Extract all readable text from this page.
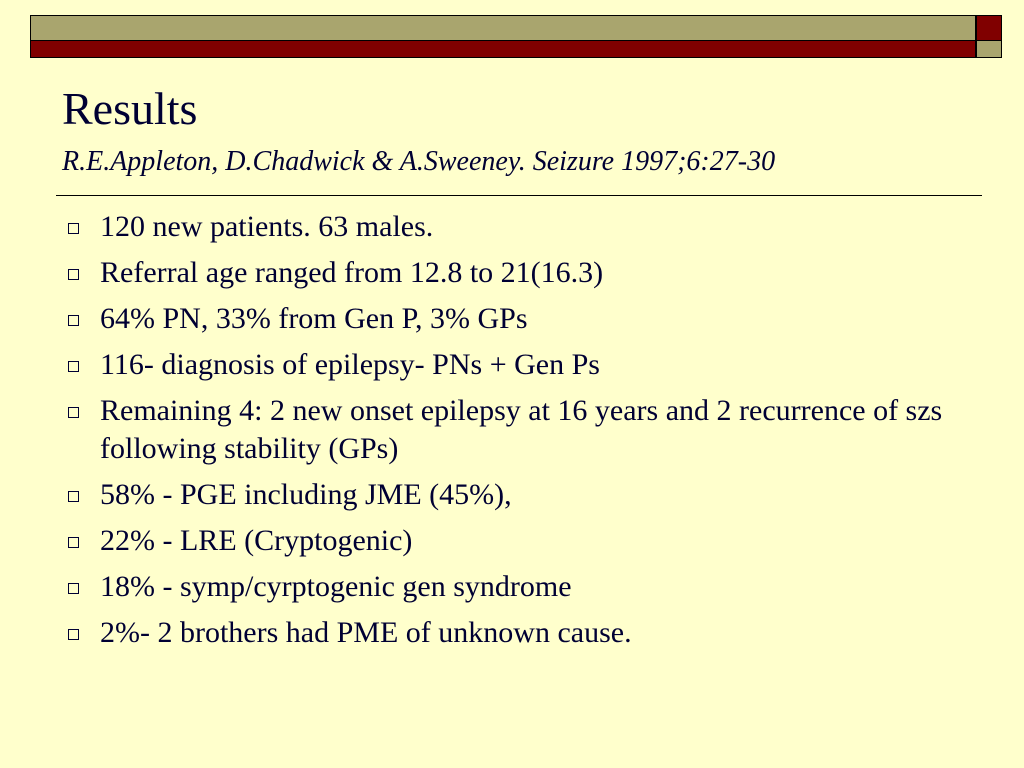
Results
R.E.Appleton, D.Chadwick & A.Sweeney. Seizure 1997;6:27-30
120 new patients. 63 males.
Referral age ranged from 12.8 to 21(16.3)
64% PN, 33% from Gen P, 3% GPs
116- diagnosis of epilepsy- PNs + Gen Ps
Remaining 4: 2 new onset epilepsy at 16 years and 2 recurrence of szs following stability (GPs)
58% - PGE including JME (45%),
22% - LRE (Cryptogenic)
18% - symp/cyrptogenic gen syndrome
2%- 2 brothers had PME of unknown cause.
